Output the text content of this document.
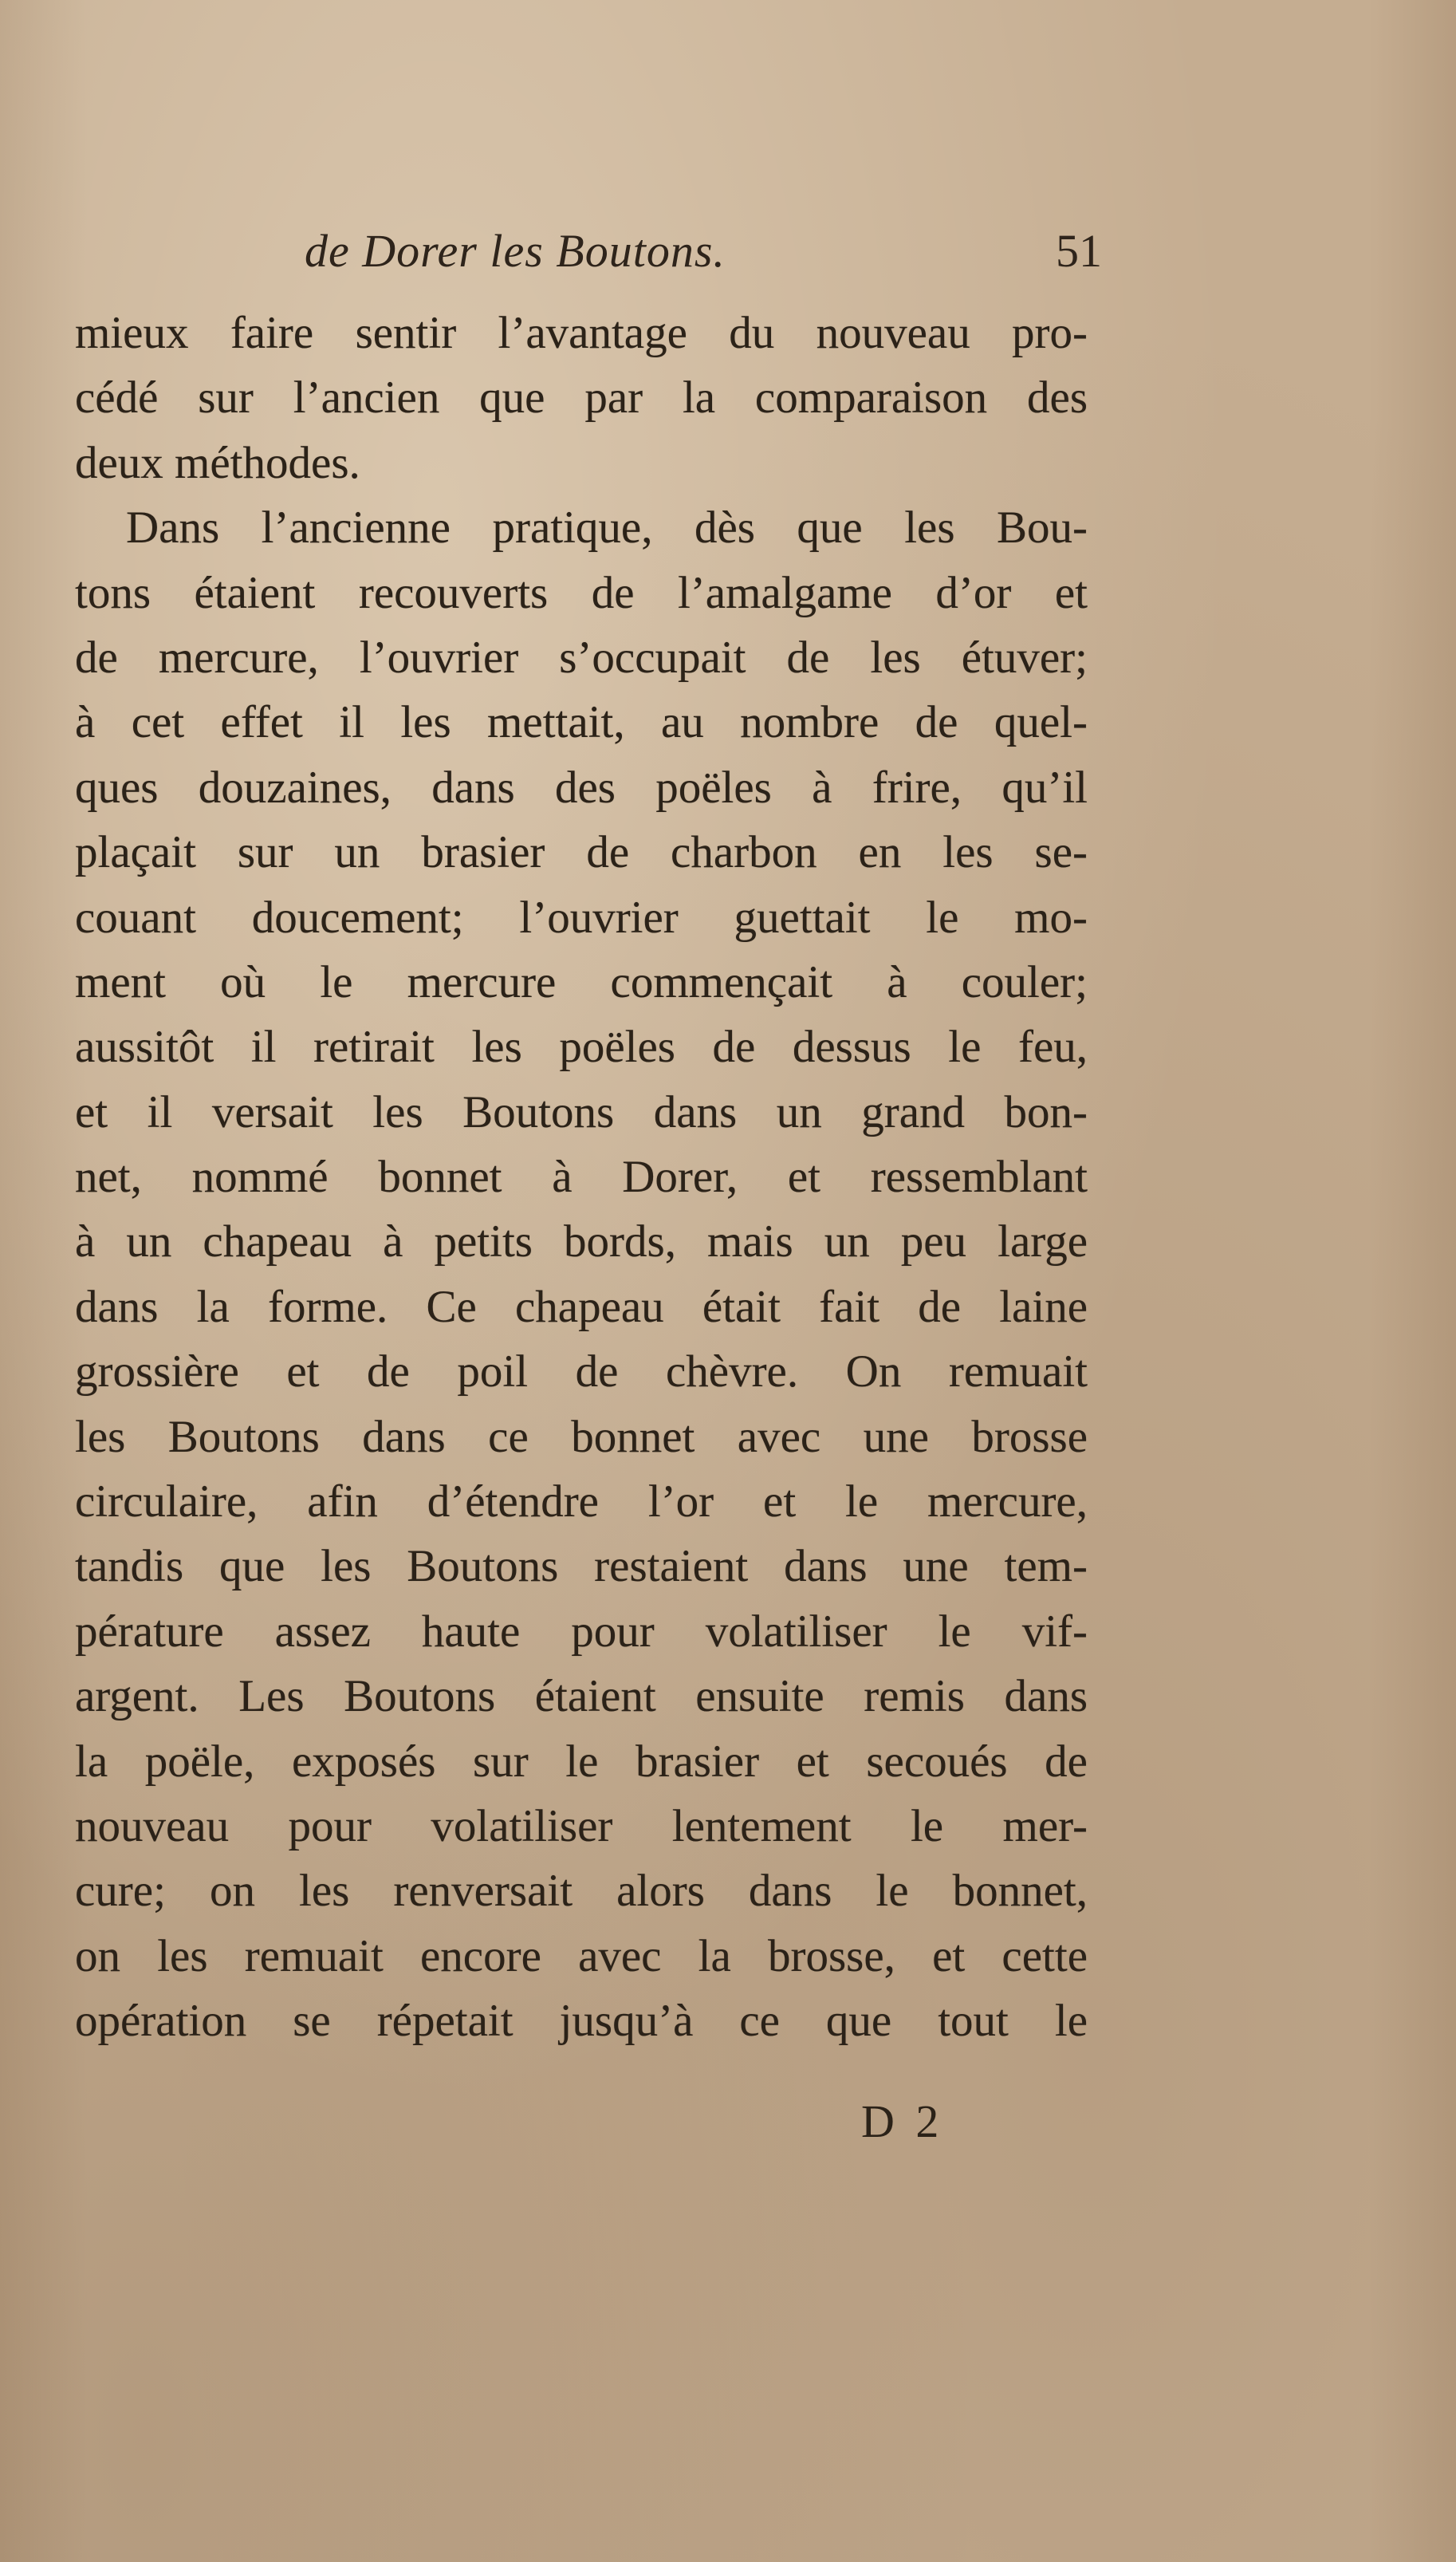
de Dorer les Boutons.	51
mieux faire sentir l’avantage du nouveau pro-
cédé sur l’ancien que par la comparaison des
deux méthodes.
Dans l’ancienne pratique, dès que les Bou-
tons étaient recouverts de l’amalgame d’or et
de mercure, l’ouvrier s’occupait de les étuver;
à cet effet il les mettait, au nombre de quel-
ques douzaines, dans des poëles à frire, qu’il
plaçait sur un brasier de charbon en les se-
couant doucement; l’ouvrier guettait le mo-
ment où le mercure commençait à couler;
aussitôt il retirait les poëles de dessus le feu,
et il versait les Boutons dans un grand bon-
net, nommé bonnet à Dorer, et ressemblant
à un chapeau à petits bords, mais un peu large
dans la forme. Ce chapeau était fait de laine
grossière et de poil de chèvre. On remuait
les Boutons dans ce bonnet avec une brosse
circulaire, afin d’étendre l’or et le mercure,
tandis que les Boutons restaient dans une tem-
pérature assez haute pour volatiliser le vif-
argent. Les Boutons étaient ensuite remis dans
la poële, exposés sur le brasier et secoués de
nouveau pour volatiliser lentement le mer-
cure; on les renversait alors dans le bonnet,
on les remuait encore avec la brosse, et cette
opération se répetait jusqu’à ce que tout le
D 2
